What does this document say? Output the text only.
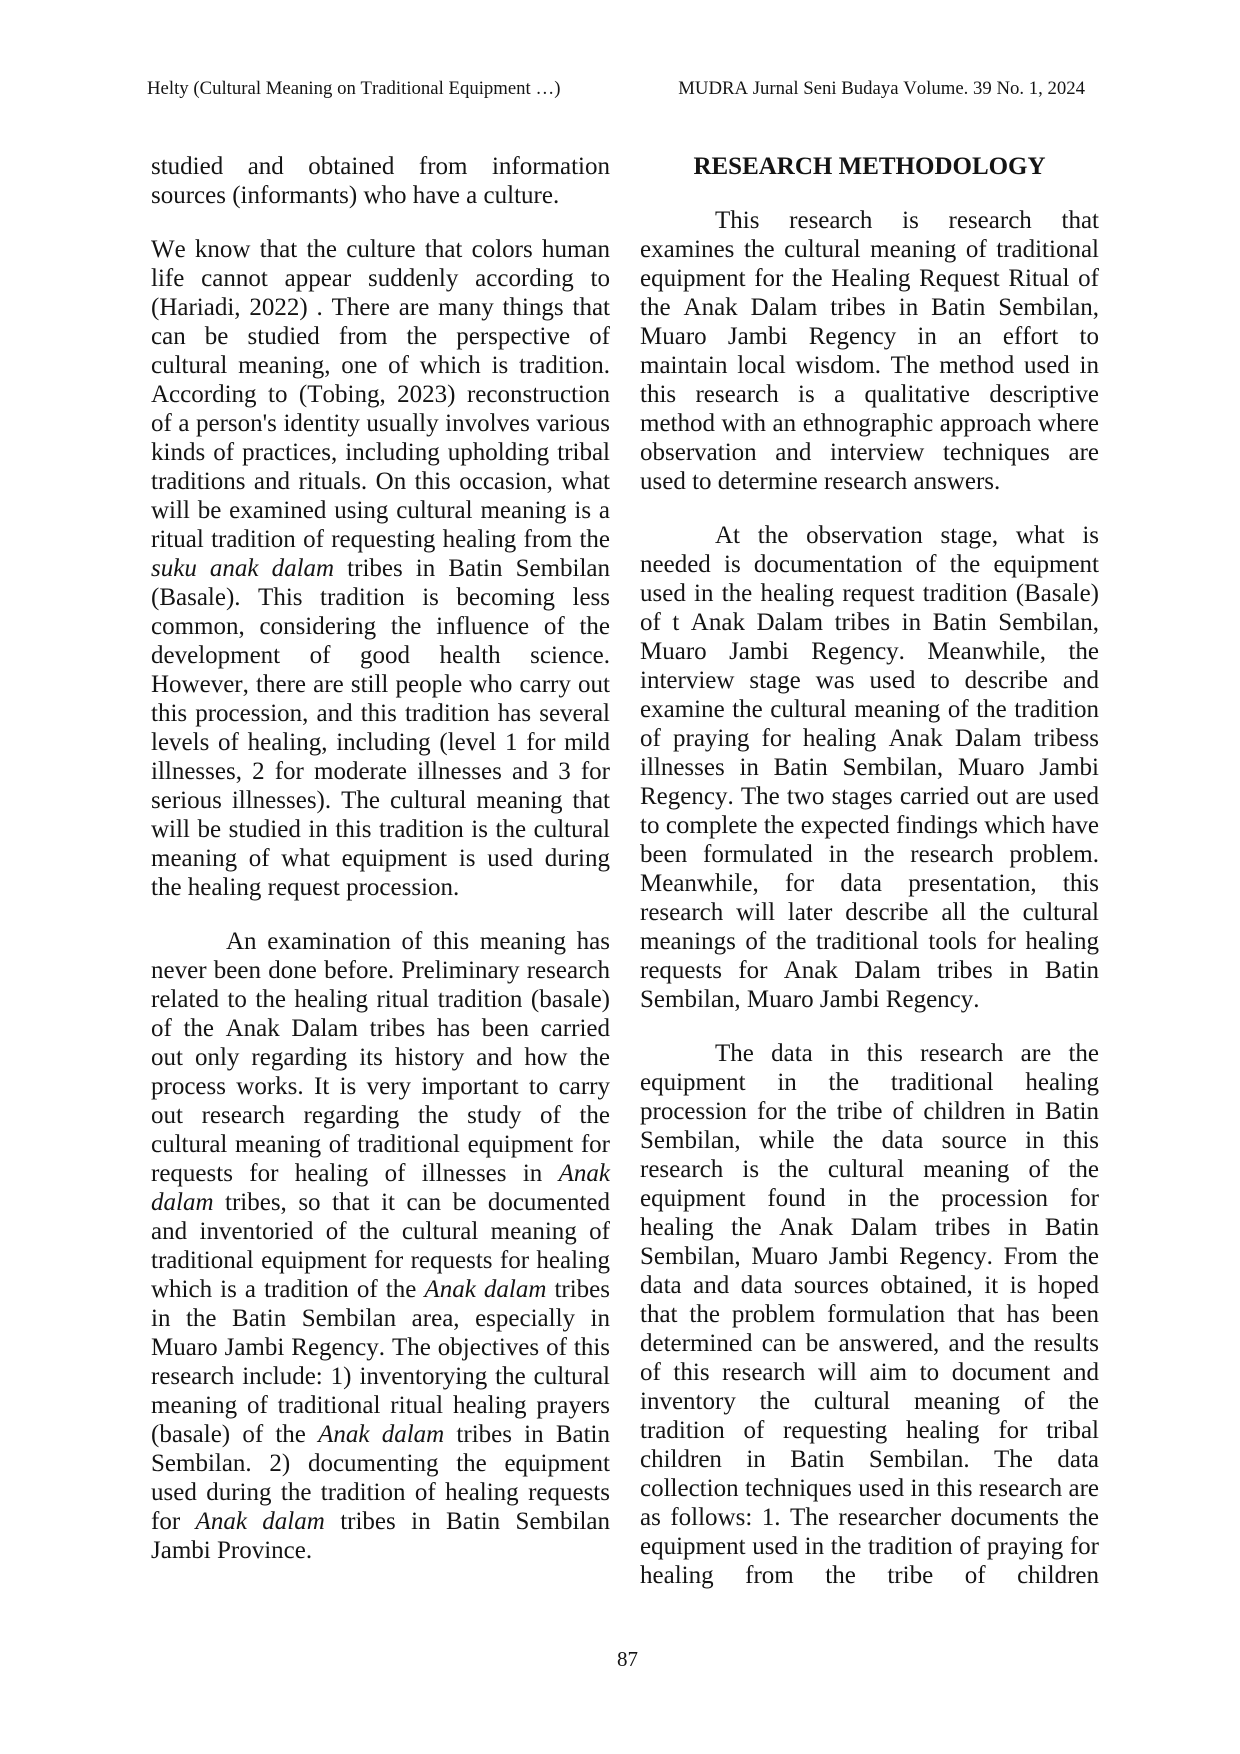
Helty (Cultural Meaning on Traditional Equipment …)	MUDRA Jurnal Seni Budaya Volume. 39 No. 1, 2024

studied and obtained from information sources (informants) who have a culture.

We know that the culture that colors human life cannot appear suddenly according to (Hariadi, 2022) . There are many things that can be studied from the perspective of cultural meaning, one of which is tradition. According to (Tobing, 2023) reconstruction of a person's identity usually involves various kinds of practices, including upholding tribal traditions and rituals. On this occasion, what will be examined using cultural meaning is a ritual tradition of requesting healing from the suku anak dalam tribes in Batin Sembilan (Basale). This tradition is becoming less common, considering the influence of the development of good health science. However, there are still people who carry out this procession, and this tradition has several levels of healing, including (level 1 for mild illnesses, 2 for moderate illnesses and 3 for serious illnesses). The cultural meaning that will be studied in this tradition is the cultural meaning of what equipment is used during the healing request procession.

An examination of this meaning has never been done before. Preliminary research related to the healing ritual tradition (basale) of the Anak Dalam tribes has been carried out only regarding its history and how the process works. It is very important to carry out research regarding the study of the cultural meaning of traditional equipment for requests for healing of illnesses in Anak dalam tribes, so that it can be documented and inventoried of the cultural meaning of traditional equipment for requests for healing which is a tradition of the Anak dalam tribes in the Batin Sembilan area, especially in Muaro Jambi Regency. The objectives of this research include: 1) inventorying the cultural meaning of traditional ritual healing prayers (basale) of the Anak dalam tribes in Batin Sembilan. 2) documenting the equipment used during the tradition of healing requests for Anak dalam tribes in Batin Sembilan Jambi Province.

RESEARCH METHODOLOGY

This research is research that examines the cultural meaning of traditional equipment for the Healing Request Ritual of the Anak Dalam tribes in Batin Sembilan, Muaro Jambi Regency in an effort to maintain local wisdom. The method used in this research is a qualitative descriptive method with an ethnographic approach where observation and interview techniques are used to determine research answers.

At the observation stage, what is needed is documentation of the equipment used in the healing request tradition (Basale) of t Anak Dalam tribes in Batin Sembilan, Muaro Jambi Regency. Meanwhile, the interview stage was used to describe and examine the cultural meaning of the tradition of praying for healing Anak Dalam tribess illnesses in Batin Sembilan, Muaro Jambi Regency. The two stages carried out are used to complete the expected findings which have been formulated in the research problem. Meanwhile, for data presentation, this research will later describe all the cultural meanings of the traditional tools for healing requests for Anak Dalam tribes in Batin Sembilan, Muaro Jambi Regency.

The data in this research are the equipment in the traditional healing procession for the tribe of children in Batin Sembilan, while the data source in this research is the cultural meaning of the equipment found in the procession for healing the Anak Dalam tribes in Batin Sembilan, Muaro Jambi Regency. From the data and data sources obtained, it is hoped that the problem formulation that has been determined can be answered, and the results of this research will aim to document and inventory the cultural meaning of the tradition of requesting healing for tribal children in Batin Sembilan. The data collection techniques used in this research are as follows: 1. The researcher documents the equipment used in the tradition of praying for healing from the tribe of children

87
